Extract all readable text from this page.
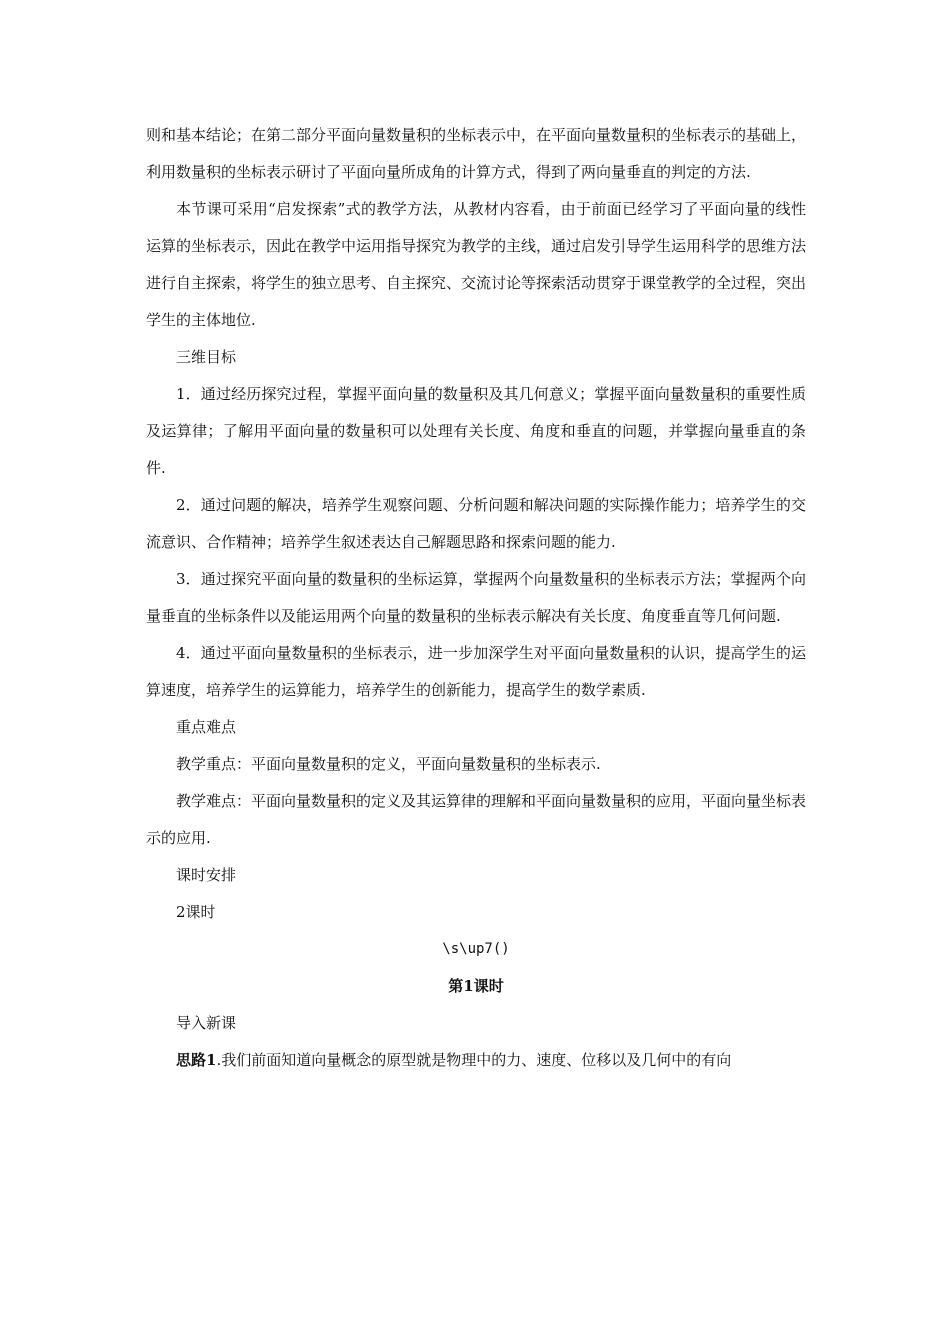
则和基本结论；在第二部分平面向量数量积的坐标表示中，在平面向量数量积的坐标表示的基础上，利用数量积的坐标表示研讨了平面向量所成角的计算方式，得到了两向量垂直的判定的方法.

本节课可采用“启发探索”式的教学方法，从教材内容看，由于前面已经学习了平面向量的线性运算的坐标表示，因此在教学中运用指导探究为教学的主线，通过启发引导学生运用科学的思维方法进行自主探索，将学生的独立思考、自主探究、交流讨论等探索活动贯穿于课堂教学的全过程，突出学生的主体地位.

三维目标

1．通过经历探究过程，掌握平面向量的数量积及其几何意义；掌握平面向量数量积的重要性质及运算律；了解用平面向量的数量积可以处理有关长度、角度和垂直的问题，并掌握向量垂直的条件.

2．通过问题的解决，培养学生观察问题、分析问题和解决问题的实际操作能力；培养学生的交流意识、合作精神；培养学生叙述表达自己解题思路和探索问题的能力.

3．通过探究平面向量的数量积的坐标运算，掌握两个向量数量积的坐标表示方法；掌握两个向量垂直的坐标条件以及能运用两个向量的数量积的坐标表示解决有关长度、角度垂直等几何问题.

4．通过平面向量数量积的坐标表示，进一步加深学生对平面向量数量积的认识，提高学生的运算速度，培养学生的运算能力，培养学生的创新能力，提高学生的数学素质.

重点难点

教学重点：平面向量数量积的定义，平面向量数量积的坐标表示.

教学难点：平面向量数量积的定义及其运算律的理解和平面向量数量积的应用，平面向量坐标表示的应用.

课时安排

2课时

\s\up7()

第1课时

导入新课

思路1.我们前面知道向量概念的原型就是物理中的力、速度、位移以及几何中的有向
